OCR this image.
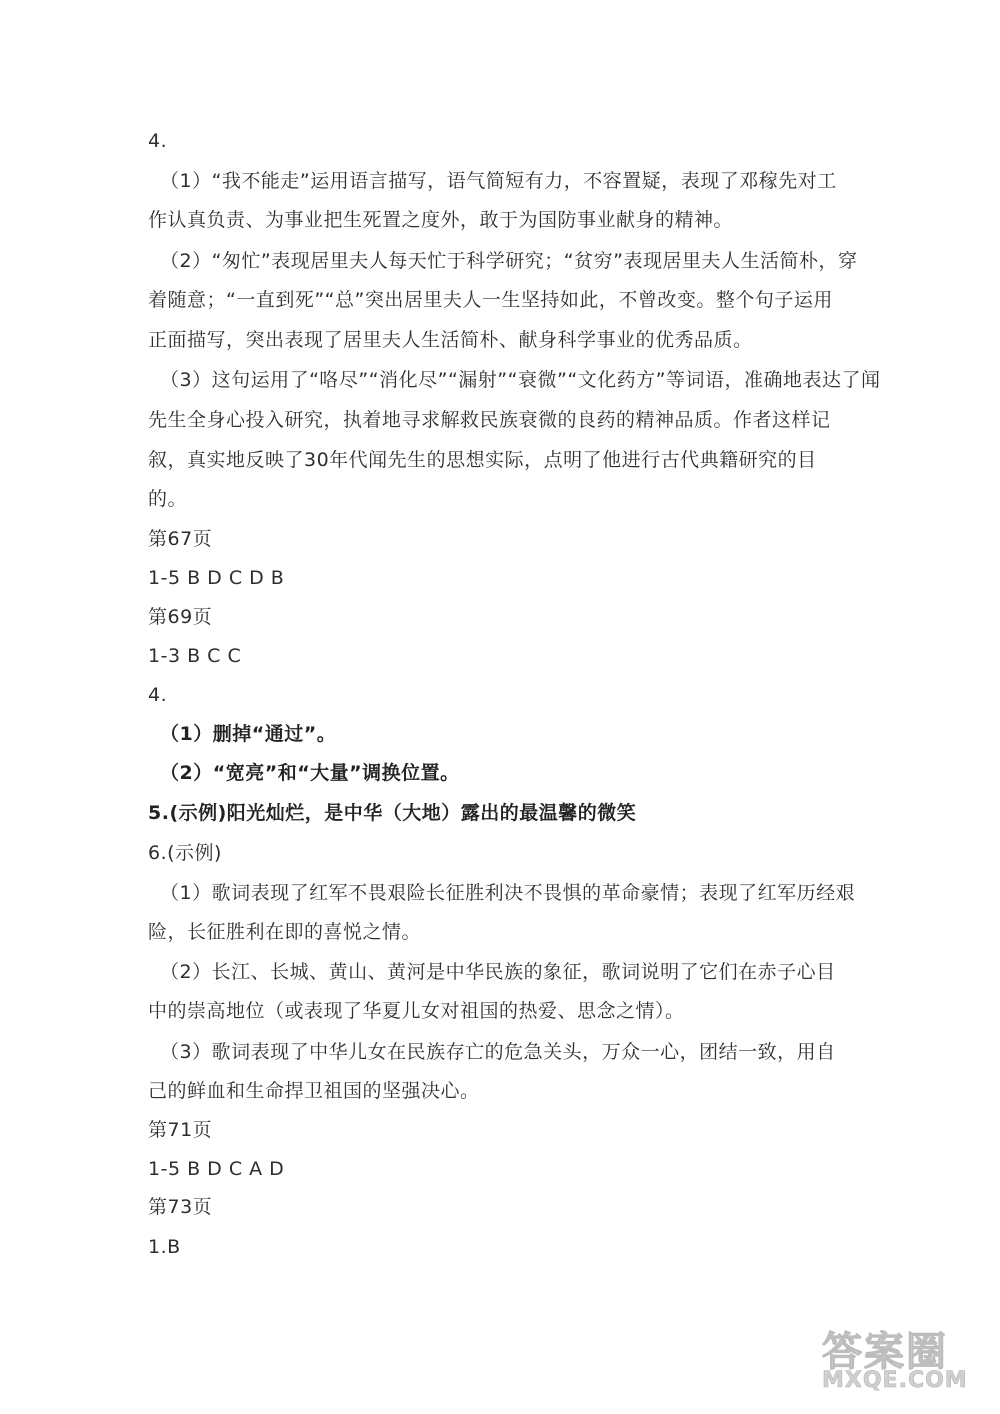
4.
（1）“我不能走”运用语言描写，语气简短有力，不容置疑，表现了邓稼先对工
作认真负责、为事业把生死置之度外，敢于为国防事业献身的精神。
（2）“匆忙”表现居里夫人每天忙于科学研究；“贫穷”表现居里夫人生活简朴，穿
着随意；“一直到死”“总”突出居里夫人一生坚持如此，不曾改变。整个句子运用
正面描写，突出表现了居里夫人生活简朴、献身科学事业的优秀品质。
（3）这句运用了“咯尽”“消化尽”“漏射”“衰微”“文化药方”等词语，准确地表达了闻
先生全身心投入研究，执着地寻求解救民族衰微的良药的精神品质。作者这样记
叙，真实地反映了30年代闻先生的思想实际，点明了他进行古代典籍研究的目
的。
第67页
1-5 B D C D B
第69页
1-3 B C C
4.
（1）删掉“通过”。
（2）“宽亮”和“大量”调换位置。
5.(示例)阳光灿烂，是中华（大地）露出的最温馨的微笑
6.(示例)
（1）歌词表现了红军不畏艰险长征胜利决不畏惧的革命豪情；表现了红军历经艰
险，长征胜利在即的喜悦之情。
（2）长江、长城、黄山、黄河是中华民族的象征，歌词说明了它们在赤子心目
中的崇高地位（或表现了华夏儿女对祖国的热爱、思念之情）。
（3）歌词表现了中华儿女在民族存亡的危急关头，万众一心，团结一致，用自
己的鲜血和生命捍卫祖国的坚强决心。
第71页
1-5 B D C A D
第73页
1.B
答案圈
MXQE.COM
